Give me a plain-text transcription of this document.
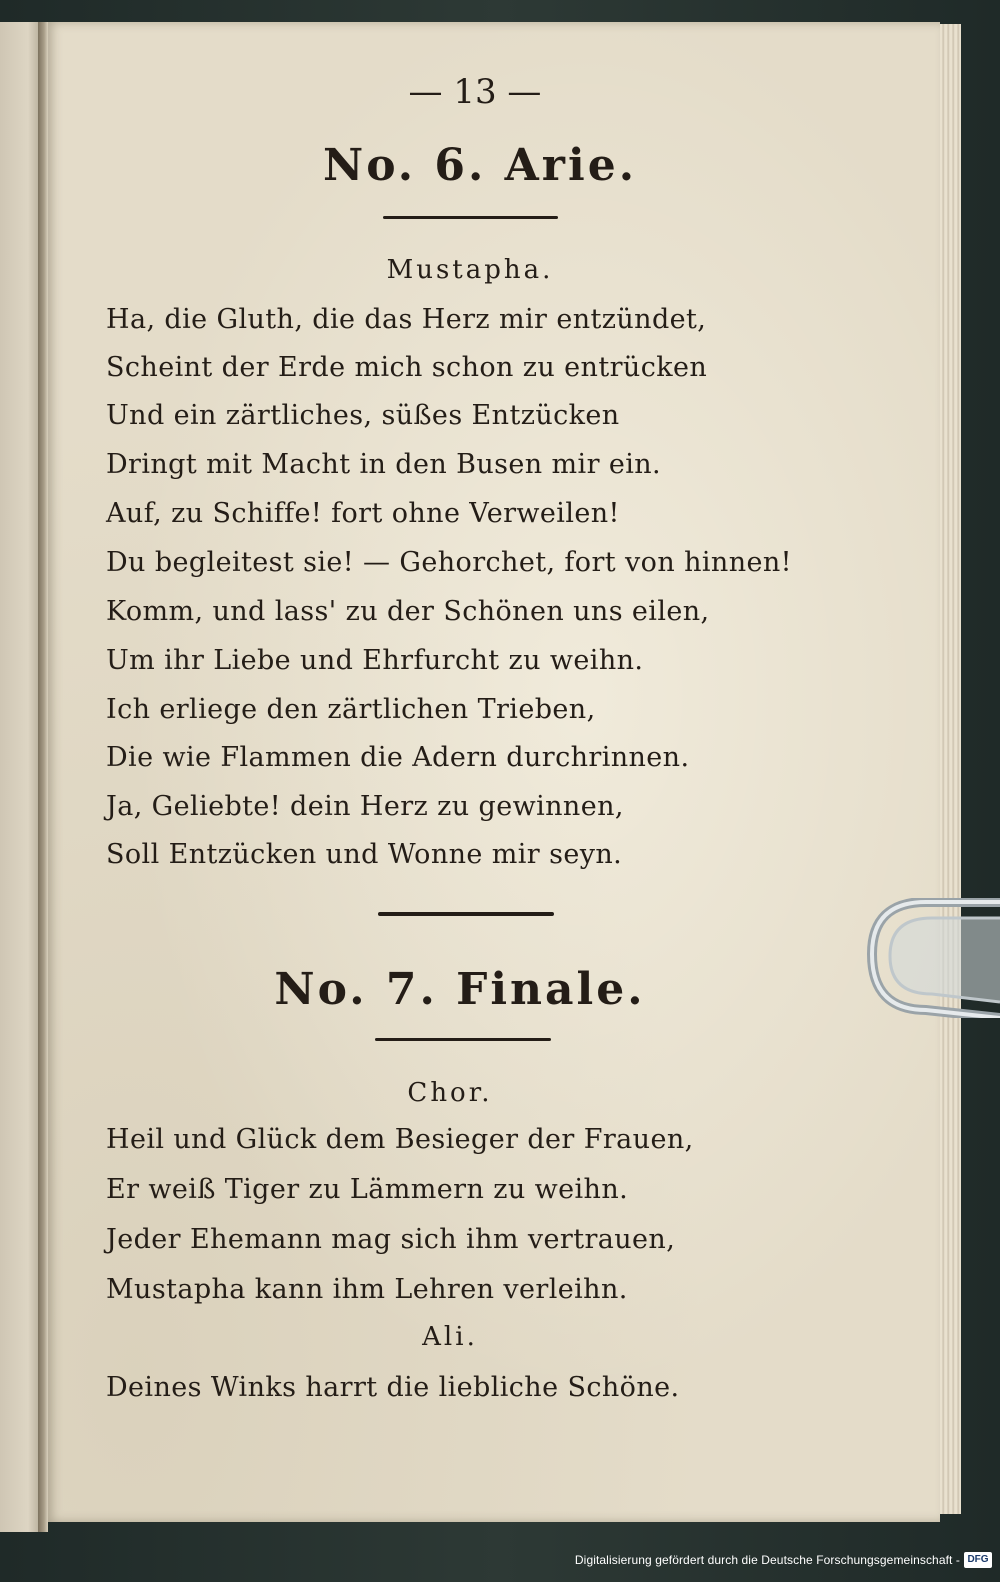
— 13 —
No. 6. Arie.
Mustapha.
Ha, die Gluth, die das Herz mir entzündet,
Scheint der Erde mich schon zu entrücken
Und ein zärtliches, süßes Entzücken
Dringt mit Macht in den Busen mir ein.
Auf, zu Schiffe! fort ohne Verweilen!
Du begleitest sie! — Gehorchet, fort von hinnen!
Komm, und lass' zu der Schönen uns eilen,
Um ihr Liebe und Ehrfurcht zu weihn.
Ich erliege den zärtlichen Trieben,
Die wie Flammen die Adern durchrinnen.
Ja, Geliebte! dein Herz zu gewinnen,
Soll Entzücken und Wonne mir seyn.
No. 7. Finale.
Chor.
Heil und Glück dem Besieger der Frauen,
Er weiß Tiger zu Lämmern zu weihn.
Jeder Ehemann mag sich ihm vertrauen,
Mustapha kann ihm Lehren verleihn.
Ali.
Deines Winks harrt die liebliche Schöne.
Digitalisierung gefördert durch die Deutsche Forschungsgemeinschaft - DFG
